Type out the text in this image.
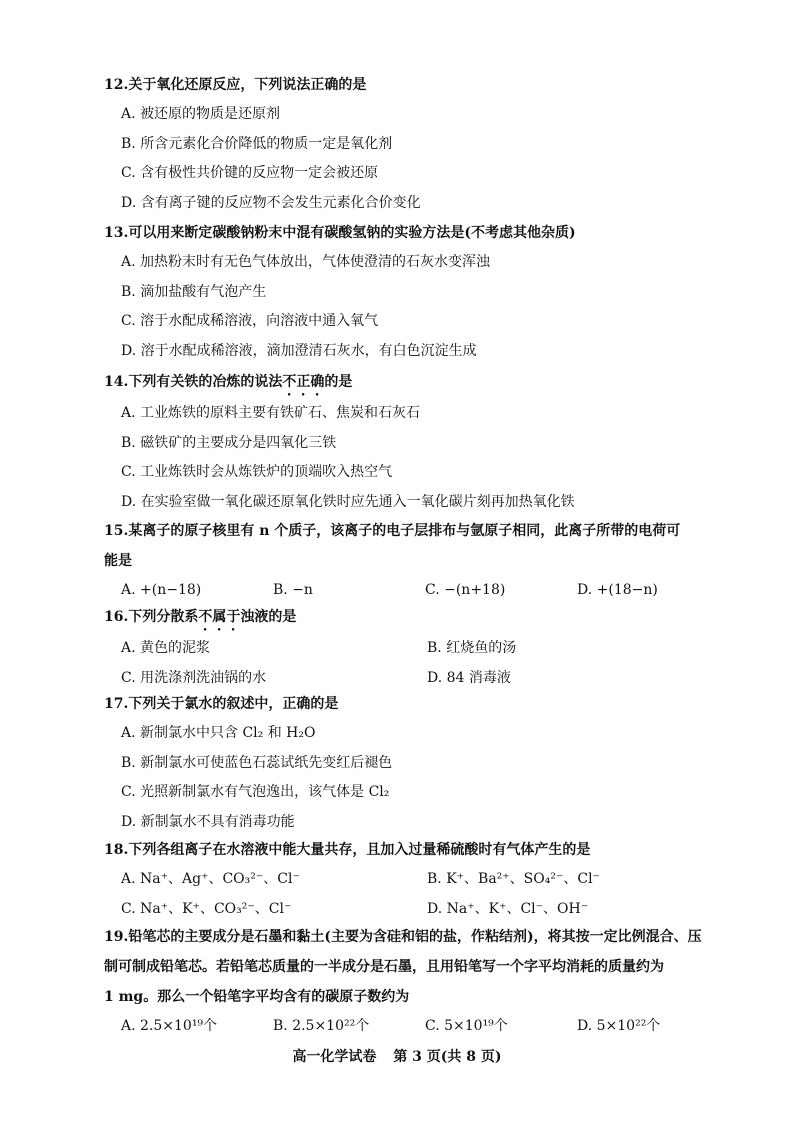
12.关于氧化还原反应，下列说法正确的是
A. 被还原的物质是还原剂
B. 所含元素化合价降低的物质一定是氧化剂
C. 含有极性共价键的反应物一定会被还原
D. 含有离子键的反应物不会发生元素化合价变化
13.可以用来断定碳酸钠粉末中混有碳酸氢钠的实验方法是(不考虑其他杂质)
A. 加热粉末时有无色气体放出，气体使澄清的石灰水变浑浊
B. 滴加盐酸有气泡产生
C. 溶于水配成稀溶液，向溶液中通入氧气
D. 溶于水配成稀溶液，滴加澄清石灰水，有白色沉淀生成
14.下列有关铁的冶炼的说法不正确的是
A. 工业炼铁的原料主要有铁矿石、焦炭和石灰石
B. 磁铁矿的主要成分是四氧化三铁
C. 工业炼铁时会从炼铁炉的顶端吹入热空气
D. 在实验室做一氧化碳还原氧化铁时应先通入一氧化碳片刻再加热氧化铁
15.某离子的原子核里有 n 个质子，该离子的电子层排布与氩原子相同，此离子所带的电荷可
能是
A. +(n−18)	B. −n	C. −(n+18)	D. +(18−n)
16.下列分散系不属于浊液的是
A. 黄色的泥浆	B. 红烧鱼的汤
C. 用洗涤剂洗油锅的水	D. 84 消毒液
17.下列关于氯水的叙述中，正确的是
A. 新制氯水中只含 Cl₂ 和 H₂O
B. 新制氯水可使蓝色石蕊试纸先变红后褪色
C. 光照新制氯水有气泡逸出，该气体是 Cl₂
D. 新制氯水不具有消毒功能
18.下列各组离子在水溶液中能大量共存，且加入过量稀硫酸时有气体产生的是
A. Na⁺、Ag⁺、CO₃²⁻、Cl⁻	B. K⁺、Ba²⁺、SO₄²⁻、Cl⁻
C. Na⁺、K⁺、CO₃²⁻、Cl⁻	D. Na⁺、K⁺、Cl⁻、OH⁻
19.铅笔芯的主要成分是石墨和黏土(主要为含硅和铝的盐，作粘结剂)，将其按一定比例混合、压
制可制成铅笔芯。若铅笔芯质量的一半成分是石墨，且用铅笔写一个字平均消耗的质量约为
1 mg。那么一个铅笔字平均含有的碳原子数约为
A. 2.5×10¹⁹个	B. 2.5×10²²个	C. 5×10¹⁹个	D. 5×10²²个
高一化学试卷 第 3 页(共 8 页)
